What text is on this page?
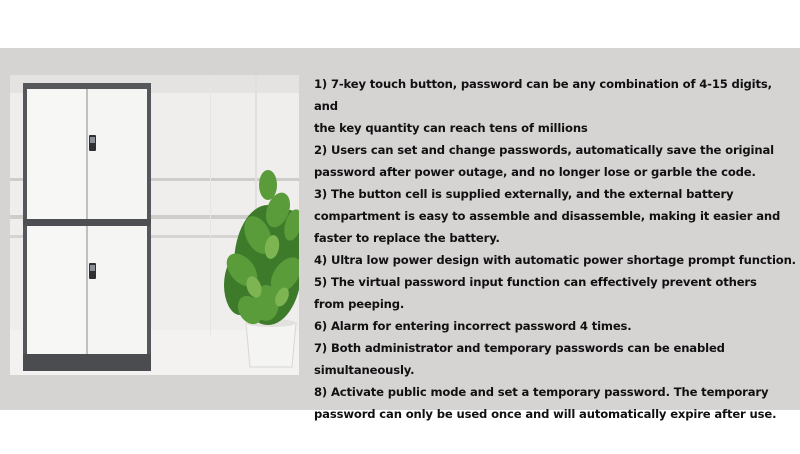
1) 7-key touch button, password can be any combination of 4-15 digits, and
the key quantity can reach tens of millions
2) Users can set and change passwords, automatically save the original
password after power outage, and no longer lose or garble the code.
3) The button cell is supplied externally, and the external battery
compartment is easy to assemble and disassemble, making it easier and
faster to replace the battery.
4) Ultra low power design with automatic power shortage prompt function.
5) The virtual password input function can effectively prevent others
from peeping.
6) Alarm for entering incorrect password 4 times.
7) Both administrator and temporary passwords can be enabled simultaneously.
8) Activate public mode and set a temporary password. The temporary
password can only be used once and will automatically expire after use.
